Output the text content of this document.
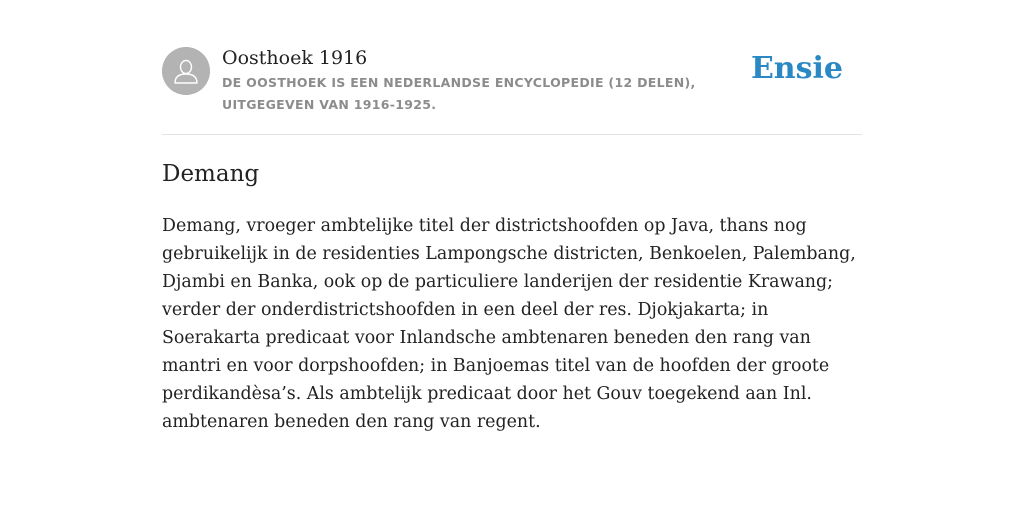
Oosthoek 1916
DE OOSTHOEK IS EEN NEDERLANDSE ENCYCLOPEDIE (12 DELEN), UITGEGEVEN VAN 1916-1925.
Ensie
Demang

Demang, vroeger ambtelijke titel der districtshoofden op Java, thans nog gebruikelijk in de residenties Lampongsche districten, Benkoelen, Palembang, Djambi en Banka, ook op de particuliere landerijen der residentie Krawang; verder der onderdistrictshoofden in een deel der res. Djokjakarta; in Soerakarta predicaat voor Inlandsche ambtenaren beneden den rang van mantri en voor dorpshoofden; in Banjoemas titel van de hoofden der groote perdikandèsa’s. Als ambtelijk predicaat door het Gouv toegekend aan Inl. ambtenaren beneden den rang van regent.
